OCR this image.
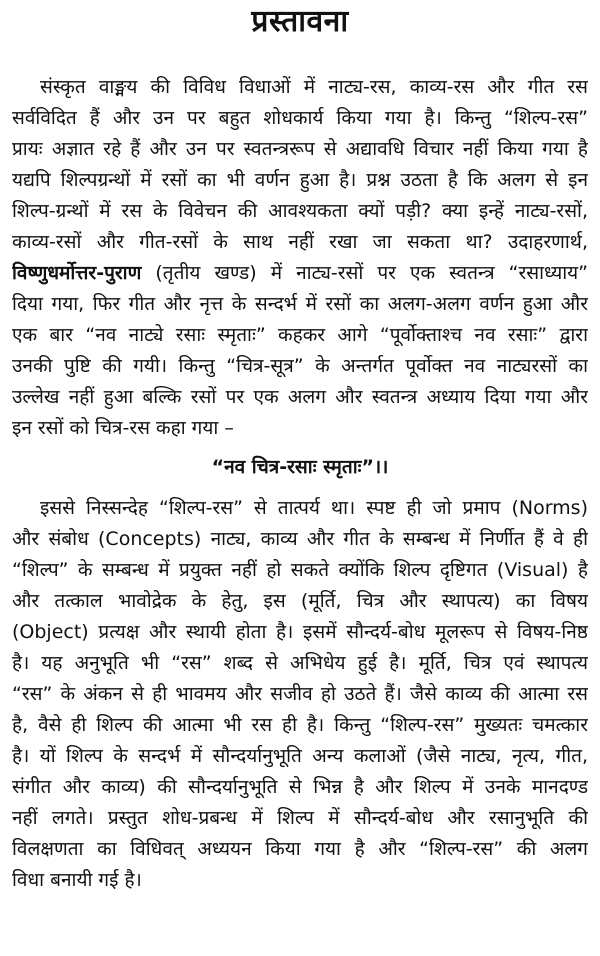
प्रस्तावना
संस्कृत वाङ्मय की विविध विधाओं में नाट्य-रस, काव्य-रस और गीत रस
सर्वविदित हैं और उन पर बहुत शोधकार्य किया गया है। किन्तु “शिल्प-रस”
प्रायः अज्ञात रहे हैं और उन पर स्वतन्त्ररूप से अद्यावधि विचार नहीं किया गया है
यद्यपि शिल्पग्रन्थों में रसों का भी वर्णन हुआ है। प्रश्न उठता है कि अलग से इन
शिल्प-ग्रन्थों में रस के विवेचन की आवश्यकता क्यों पड़ी? क्या इन्हें नाट्य-रसों,
काव्य-रसों और गीत-रसों के साथ नहीं रखा जा सकता था? उदाहरणार्थ,
विष्णुधर्मोत्तर-पुराण (तृतीय खण्ड) में नाट्य-रसों पर एक स्वतन्त्र “रसाध्याय”
दिया गया, फिर गीत और नृत्त के सन्दर्भ में रसों का अलग-अलग वर्णन हुआ और
एक बार “नव नाट्ये रसाः स्मृताः” कहकर आगे “पूर्वोक्ताश्च नव रसाः” द्वारा
उनकी पुष्टि की गयी। किन्तु “चित्र-सूत्र” के अन्तर्गत पूर्वोक्त नव नाट्यरसों का
उल्लेख नहीं हुआ बल्कि रसों पर एक अलग और स्वतन्त्र अध्याय दिया गया और
इन रसों को चित्र-रस कहा गया –
“नव चित्र-रसाः स्मृताः”।।
इससे निस्सन्देह “शिल्प-रस” से तात्पर्य था। स्पष्ट ही जो प्रमाप (Norms)
और संबोध (Concepts) नाट्य, काव्य और गीत के सम्बन्ध में निर्णीत हैं वे ही
“शिल्प” के सम्बन्ध में प्रयुक्त नहीं हो सकते क्योंकि शिल्प दृष्टिगत (Visual) है
और तत्काल भावोद्रेक के हेतु, इस (मूर्ति, चित्र और स्थापत्य) का विषय
(Object) प्रत्यक्ष और स्थायी होता है। इसमें सौन्दर्य-बोध मूलरूप से विषय-निष्ठ
है। यह अनुभूति भी “रस” शब्द से अभिधेय हुई है। मूर्ति, चित्र एवं स्थापत्य
“रस” के अंकन से ही भावमय और सजीव हो उठते हैं। जैसे काव्य की आत्मा रस
है, वैसे ही शिल्प की आत्मा भी रस ही है। किन्तु “शिल्प-रस” मुख्यतः चमत्कार
है। यों शिल्प के सन्दर्भ में सौन्दर्यानुभूति अन्य कलाओं (जैसे नाट्य, नृत्य, गीत,
संगीत और काव्य) की सौन्दर्यानुभूति से भिन्न है और शिल्प में उनके मानदण्ड
नहीं लगते। प्रस्तुत शोध-प्रबन्ध में शिल्प में सौन्दर्य-बोध और रसानुभूति की
विलक्षणता का विधिवत् अध्ययन किया गया है और “शिल्प-रस” की अलग
विधा बनायी गई है।
